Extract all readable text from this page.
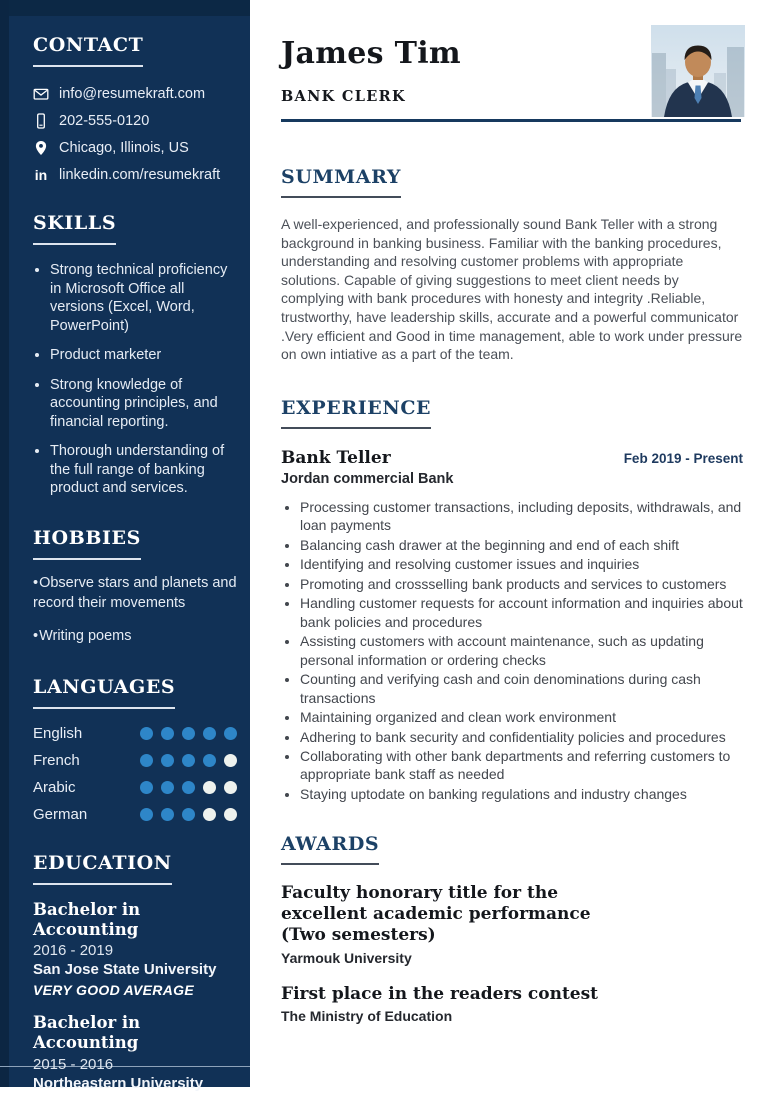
CONTACT
info@resumekraft.com
202-555-0120
Chicago, Illinois, US
in linkedin.com/resumekraft
SKILLS
• Strong technical proficiency in Microsoft Office all versions (Excel, Word, PowerPoint)
• Product marketer
• Strong knowledge of accounting principles, and financial reporting.
• Thorough understanding of the full range of banking product and services.
HOBBIES

• Observe stars and planets and record their movements

• Writing poems

LANGUAGES
English
French
Arabic
German
EDUCATION
Bachelor in Accounting
2016 - 2019
San Jose State University
VERY GOOD AVERAGE
Bachelor in Accounting
2015 - 2016
Northeastern University
EXCELLENT AVERAGE
James Tim
BANK CLERK
SUMMARY

A well-experienced, and professionally sound Bank Teller with a strong background in banking business. Familiar with the banking procedures, understanding and resolving customer problems with appropriate solutions. Capable of giving suggestions to meet client needs by complying with bank procedures with honesty and integrity .Reliable, trustworthy, have leadership skills, accurate and a powerful communicator .Very efficient and Good in time management, able to work under pressure on own intiative as a part of the team.

EXPERIENCE
Bank Teller	Feb 2019 - Present
Jordan commercial Bank
• Processing customer transactions, including deposits, withdrawals, and loan payments
• Balancing cash drawer at the beginning and end of each shift
• Identifying and resolving customer issues and inquiries
• Promoting and crossselling bank products and services to customers
• Handling customer requests for account information and inquiries about bank policies and procedures
• Assisting customers with account maintenance, such as updating personal information or ordering checks
• Counting and verifying cash and coin denominations during cash transactions
• Maintaining organized and clean work environment
• Adhering to bank security and confidentiality policies and procedures
• Collaborating with other bank departments and referring customers to appropriate bank staff as needed
• Staying uptodate on banking regulations and industry changes
AWARDS
Faculty honorary title for the excellent academic performance (Two semesters)
Yarmouk University
First place in the readers contest
The Ministry of Education
